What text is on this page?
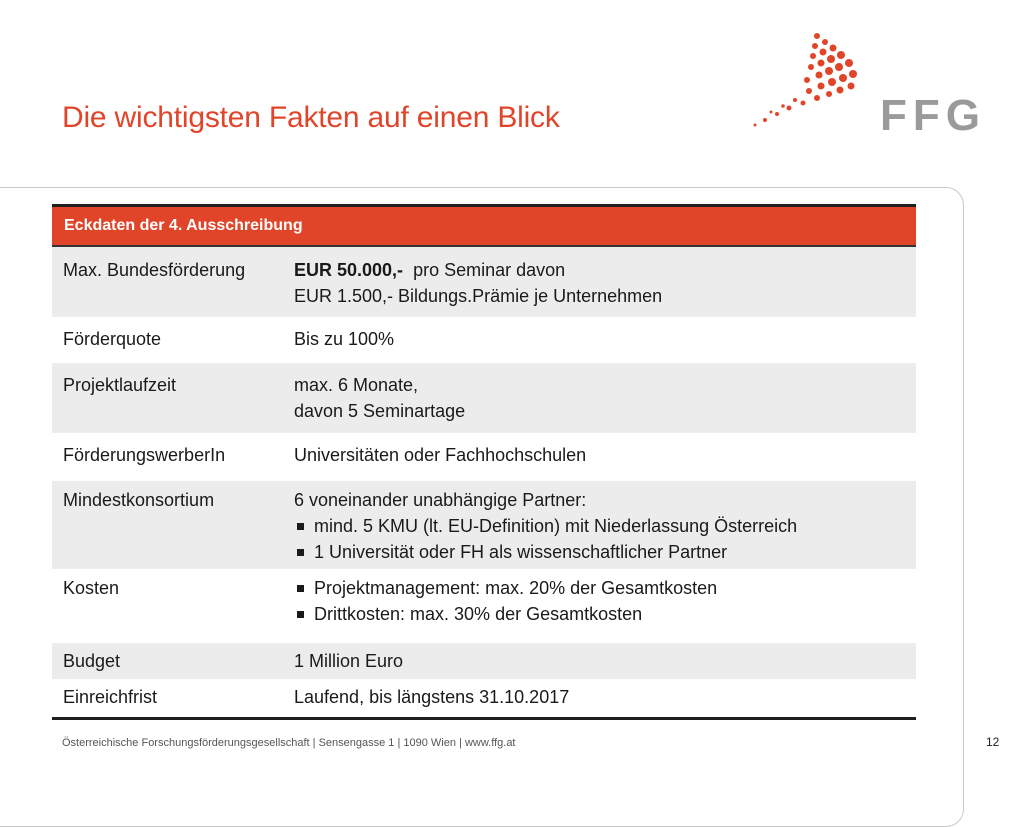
Die wichtigsten Fakten auf einen Blick	FFG
Eckdaten der 4. Ausschreibung
Max. Bundesförderung	EUR 50.000,-  pro Seminar davon
EUR 1.500,- Bildungs.Prämie je Unternehmen
Förderquote	Bis zu 100%
Projektlaufzeit	max. 6 Monate,
davon 5 Seminartage
FörderungswerberIn	Universitäten oder Fachhochschulen
Mindestkonsortium	6 voneinander unabhängige Partner:
mind. 5 KMU (lt. EU-Definition) mit Niederlassung Österreich
1 Universität oder FH als wissenschaftlicher Partner
Kosten	Projektmanagement: max. 20% der Gesamtkosten
Drittkosten: max. 30% der Gesamtkosten
Budget	1 Million Euro
Einreichfrist	Laufend, bis längstens 31.10.2017
Österreichische Forschungsförderungsgesellschaft | Sensengasse 1 | 1090 Wien | www.ffg.at	12
